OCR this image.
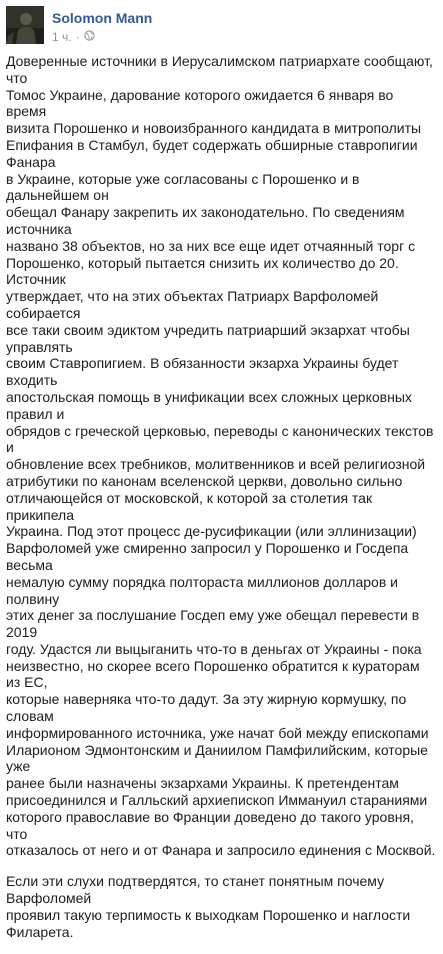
Solomon Mann
1 ч. ·

Доверенные источники в Иерусалимском патриархате сообщают, что
Томос Украине, дарование которого ожидается 6 января во время
визита Порошенко и новоизбранного кандидата в митрополиты
Епифания в Стамбул, будет содержать обширные ставропигии Фанара
в Украине, которые уже согласованы с Порошенко и в дальнейшем он
обещал Фанару закрепить их законодательно. По сведениям источника
названо 38 объектов, но за них все еще идет отчаянный торг с
Порошенко, который пытается снизить их количество до 20. Источник
утверждает, что на этих объектах Патриарх Варфоломей собирается
все таки своим эдиктом учредить патриарший экзархат чтобы управлять
своим Ставропигием. В обязанности экзарха Украины будет входить
апостольская помощь в унификации всех сложных церковных правил и
обрядов с греческой церковью, переводы с канонических текстов и
обновление всех требников, молитвенников и всей религиозной
атрибутики по канонам вселенской церкви, довольно сильно
отличающейся от московской, к которой за столетия так прикипела
Украина. Под этот процесс де-русификации (или эллинизации)
Варфоломей уже смиренно запросил у Порошенко и Госдепа весьма
немалую сумму порядка полтораста миллионов долларов и полвину
этих денег за послушание Госдеп ему уже обещал перевести в 2019
году. Удастся ли выцыганить что-то в деньгах от Украины - пока
неизвестно, но скорее всего Порошенко обратится к кураторам из ЕС,
которые наверняка что-то дадут. За эту жирную кормушку, по словам
информированного источника, уже начат бой между епископами
Иларионом Эдмонтонским и Даниилом Памфилийским, которые уже
ранее были назначены экзархами Украины. К претендентам
присоединился и Галльский архиепископ Иммануил стараниями
которого православие во Франции доведено до такого уровня, что
отказалось от него и от Фанара и запросило единения с Москвой.

Если эти слухи подтвердятся, то станет понятным почему Варфоломей
проявил такую терпимость к выходкам Порошенко и наглости Филарета.
